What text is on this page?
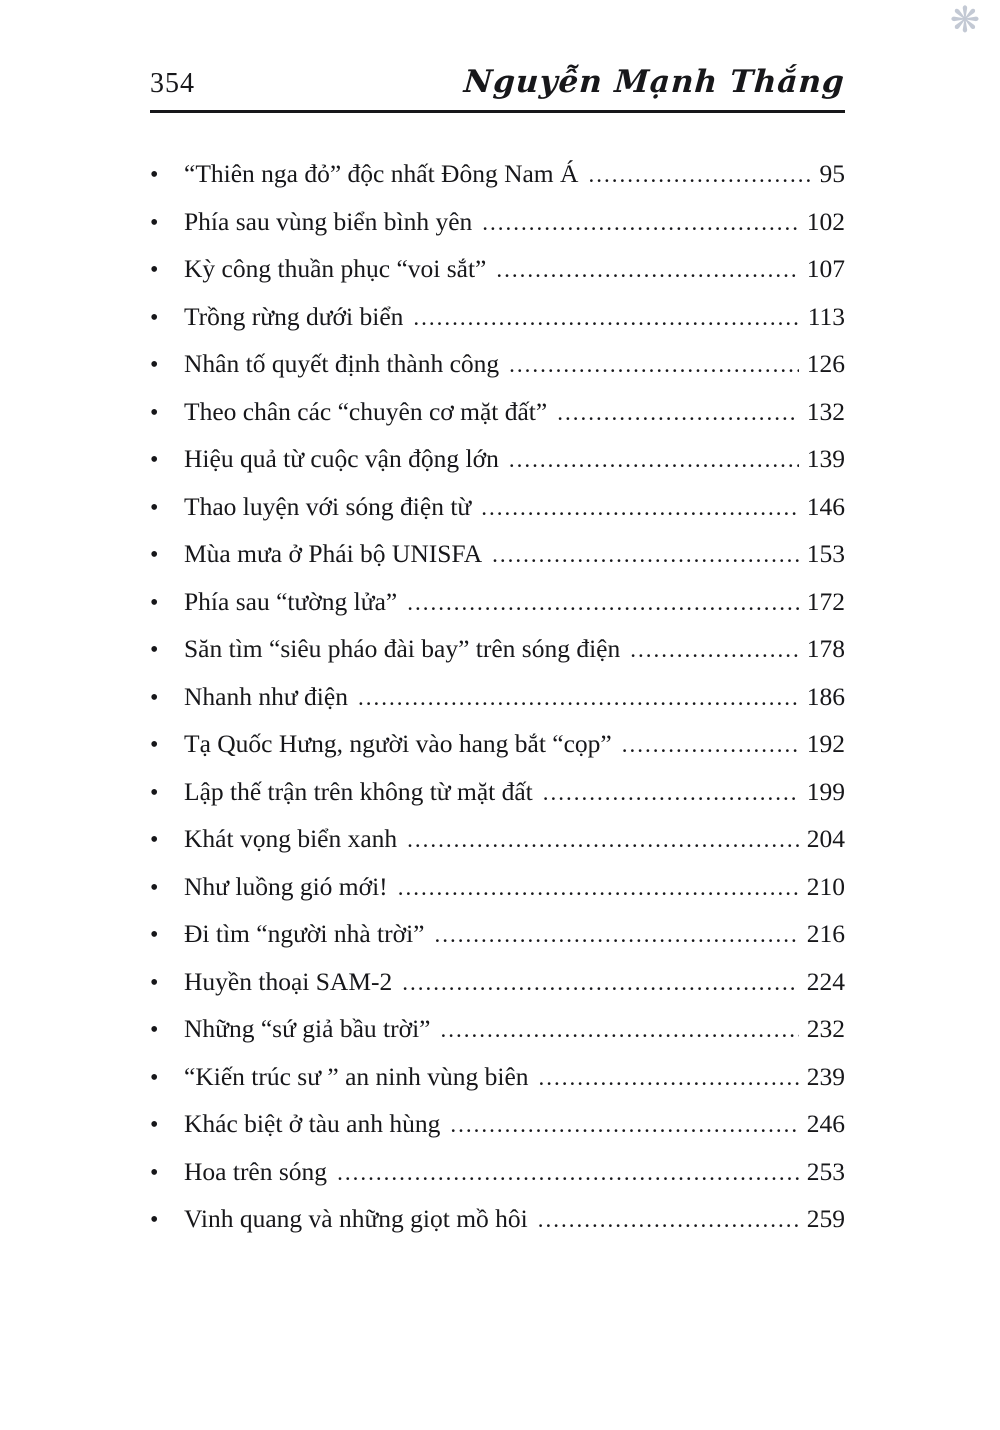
❋
354	Nguyễn Mạnh Thắng
•	“Thiên nga đỏ” độc nhất Đông Nam Á .....	95
•	Phía sau vùng biển bình yên .....	102
•	Kỳ công thuần phục “voi sắt” .....	107
•	Trồng rừng dưới biển .....	113
•	Nhân tố quyết định thành công .....	126
•	Theo chân các “chuyên cơ mặt đất” .....	132
•	Hiệu quả từ cuộc vận động lớn .....	139
•	Thao luyện với sóng điện từ .....	146
•	Mùa mưa ở Phái bộ UNISFA .....	153
•	Phía sau “tường lửa” .....	172
•	Săn tìm “siêu pháo đài bay” trên sóng điện .....	178
•	Nhanh như điện .....	186
•	Tạ Quốc Hưng, người vào hang bắt “cọp” .....	192
•	Lập thế trận trên không từ mặt đất .....	199
•	Khát vọng biển xanh .....	204
•	Như luồng gió mới! .....	210
•	Đi tìm “người nhà trời” .....	216
•	Huyền thoại SAM-2 .....	224
•	Những “sứ giả bầu trời” .....	232
•	“Kiến trúc sư ” an ninh vùng biên .....	239
•	Khác biệt ở tàu anh hùng .....	246
•	Hoa trên sóng .....	253
•	Vinh quang và những giọt mồ hôi .....	259
